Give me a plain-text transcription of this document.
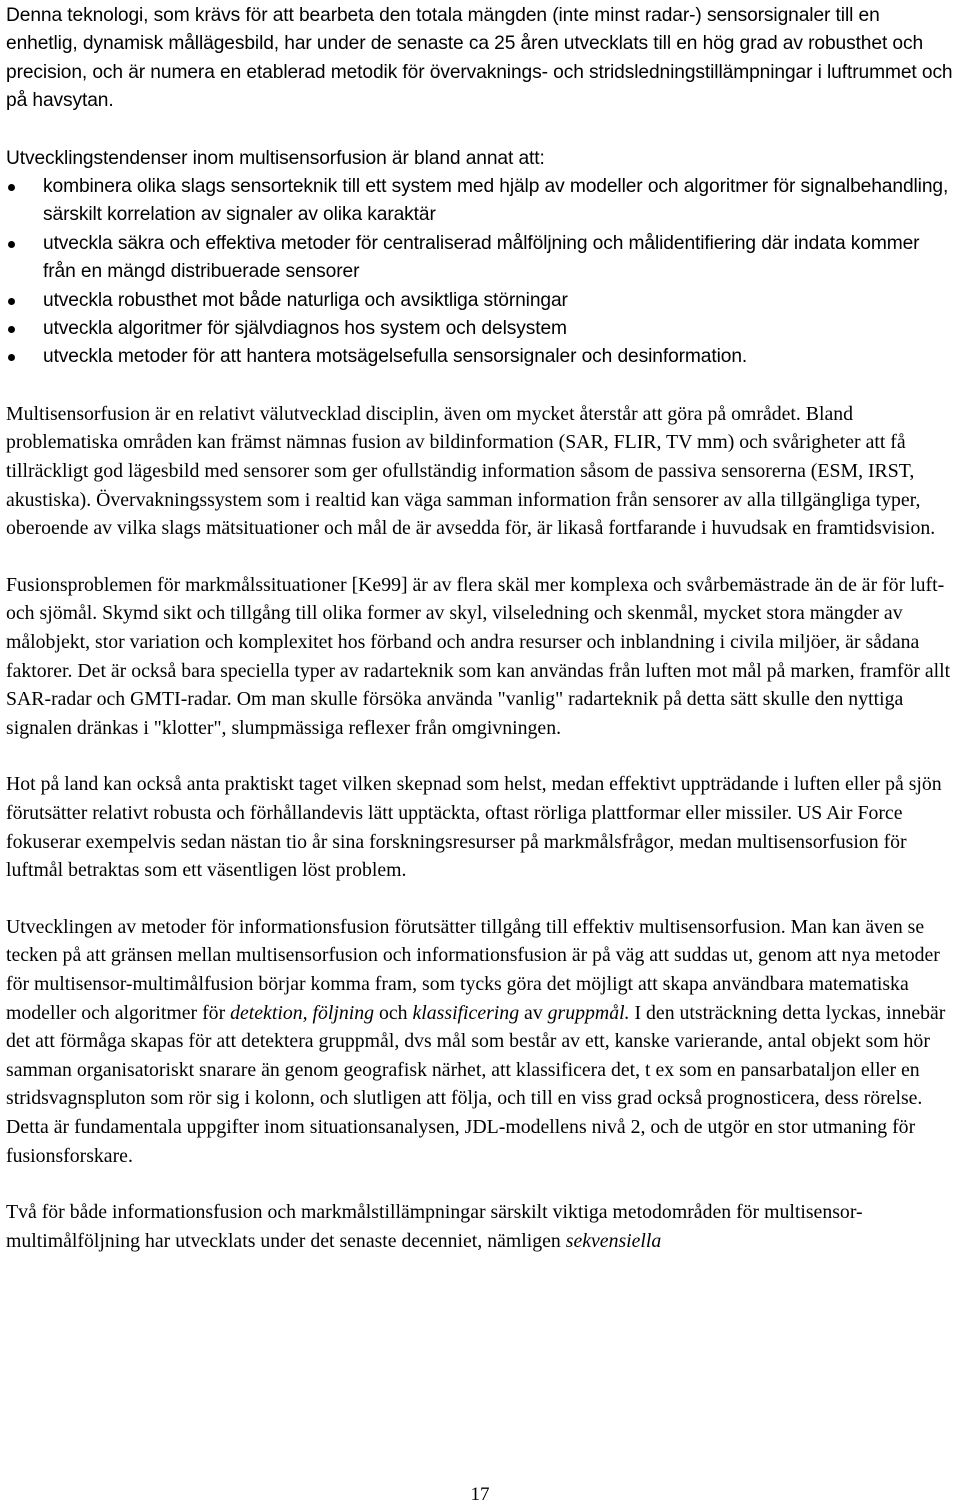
Denna teknologi, som krävs för att bearbeta den totala mängden (inte minst radar-) sensorsignaler till en enhetlig, dynamisk mållägesbild, har under de senaste ca 25 åren utvecklats till en hög grad av robusthet och precision, och är numera en etablerad metodik för övervaknings- och stridsledningstillämpningar i luftrummet och på havsytan.

Utvecklingstendenser inom multisensorfusion är bland annat att:

kombinera olika slags sensorteknik till ett system med hjälp av modeller och algoritmer för signalbehandling, särskilt korrelation av signaler av olika karaktär
utveckla säkra och effektiva metoder för centraliserad målföljning och målidentifiering där indata kommer från en mängd distribuerade sensorer
utveckla robusthet mot både naturliga och avsiktliga störningar
utveckla algoritmer för självdiagnos hos system och delsystem
utveckla metoder för att hantera motsägelsefulla sensorsignaler och desinformation.

Multisensorfusion är en relativt välutvecklad disciplin, även om mycket återstår att göra på området. Bland problematiska områden kan främst nämnas fusion av bildinformation (SAR, FLIR, TV mm) och svårigheter att få tillräckligt god lägesbild med sensorer som ger ofullständig information såsom de passiva sensorerna (ESM, IRST, akustiska). Övervakningssystem som i realtid kan väga samman information från sensorer av alla tillgängliga typer, oberoende av vilka slags mätsituationer och mål de är avsedda för, är likaså fortfarande i huvudsak en framtidsvision.

Fusionsproblemen för markmålssituationer [Ke99] är av flera skäl mer komplexa och svårbemästrade än de är för luft- och sjömål. Skymd sikt och tillgång till olika former av skyl, vilseledning och skenmål, mycket stora mängder av målobjekt, stor variation och komplexitet hos förband och andra resurser och inblandning i civila miljöer, är sådana faktorer. Det är också bara speciella typer av radarteknik som kan användas från luften mot mål på marken, framför allt SAR-radar och GMTI-radar. Om man skulle försöka använda "vanlig" radarteknik på detta sätt skulle den nyttiga signalen dränkas i "klotter", slumpmässiga reflexer från omgivningen.

Hot på land kan också anta praktiskt taget vilken skepnad som helst, medan effektivt uppträdande i luften eller på sjön förutsätter relativt robusta och förhållandevis lätt upptäckta, oftast rörliga plattformar eller missiler. US Air Force fokuserar exempelvis sedan nästan tio år sina forskningsresurser på markmålsfrågor, medan multisensorfusion för luftmål betraktas som ett väsentligen löst problem.

Utvecklingen av metoder för informationsfusion förutsätter tillgång till effektiv multisensorfusion. Man kan även se tecken på att gränsen mellan multisensorfusion och informationsfusion är på väg att suddas ut, genom att nya metoder för multisensor-multimålfusion börjar komma fram, som tycks göra det möjligt att skapa användbara matematiska modeller och algoritmer för detektion, följning och klassificering av gruppmål. I den utsträckning detta lyckas, innebär det att förmåga skapas för att detektera gruppmål, dvs mål som består av ett, kanske varierande, antal objekt som hör samman organisatoriskt snarare än genom geografisk närhet, att klassificera det, t ex som en pansarbataljon eller en stridsvagnspluton som rör sig i kolonn, och slutligen att följa, och till en viss grad också prognosticera, dess rörelse. Detta är fundamentala uppgifter inom situationsanalysen, JDL-modellens nivå 2, och de utgör en stor utmaning för fusionsforskare.

Två för både informationsfusion och markmålstillämpningar särskilt viktiga metodområden för multisensor-multimålföljning har utvecklats under det senaste decenniet, nämligen sekvensiella

17
